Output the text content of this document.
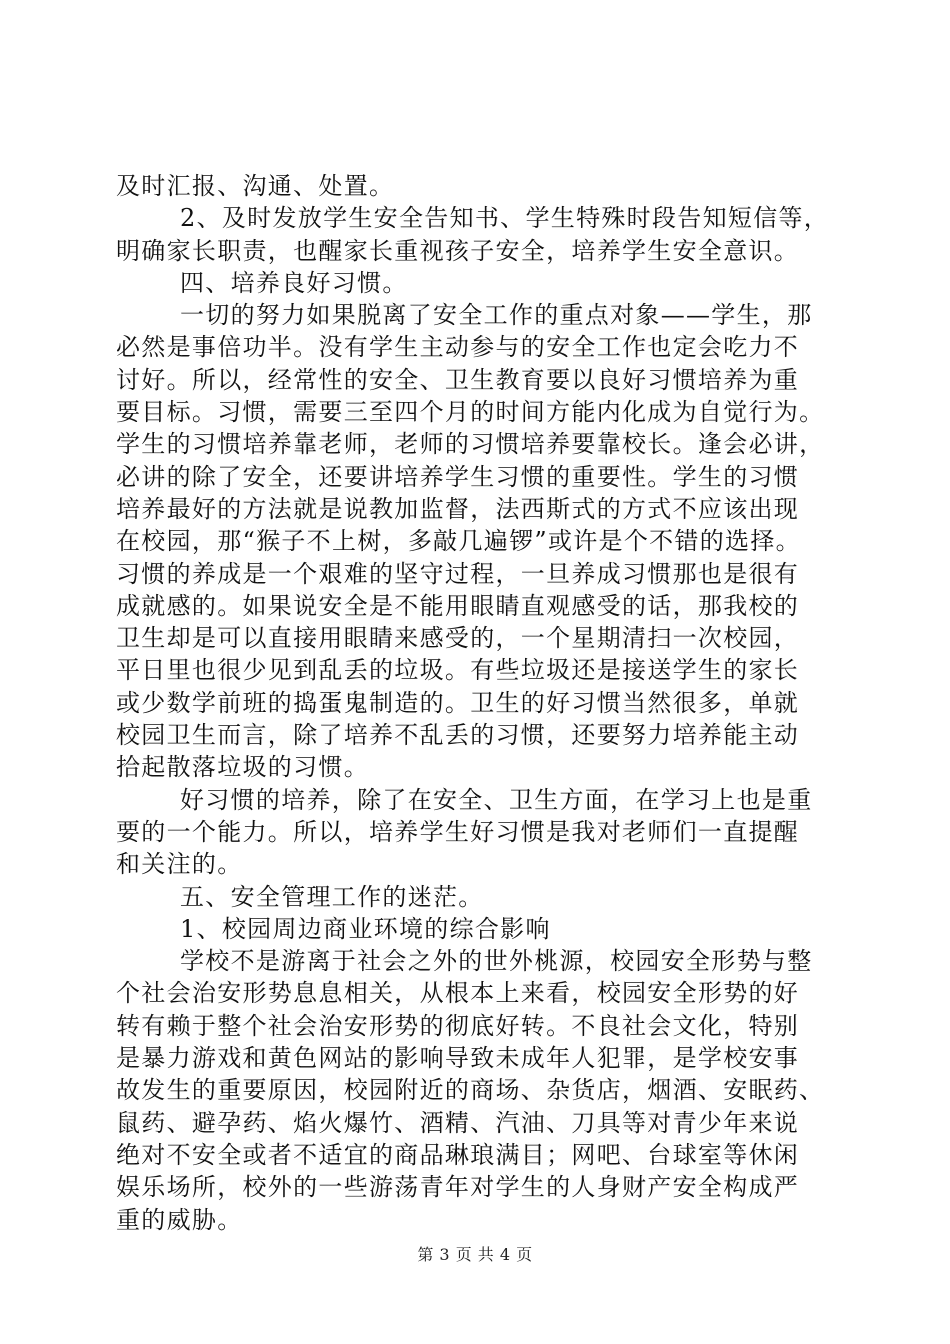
及时汇报、沟通、处置。
2、及时发放学生安全告知书、学生特殊时段告知短信等，
明确家长职责，也醒家长重视孩子安全，培养学生安全意识。
四、培养良好习惯。
一切的努力如果脱离了安全工作的重点对象——学生，那
必然是事倍功半。没有学生主动参与的安全工作也定会吃力不
讨好。所以，经常性的安全、卫生教育要以良好习惯培养为重
要目标。习惯，需要三至四个月的时间方能内化成为自觉行为。
学生的习惯培养靠老师，老师的习惯培养要靠校长。逢会必讲，
必讲的除了安全，还要讲培养学生习惯的重要性。学生的习惯
培养最好的方法就是说教加监督，法西斯式的方式不应该出现
在校园，那“猴子不上树，多敲几遍锣”或许是个不错的选择。
习惯的养成是一个艰难的坚守过程，一旦养成习惯那也是很有
成就感的。如果说安全是不能用眼睛直观感受的话，那我校的
卫生却是可以直接用眼睛来感受的，一个星期清扫一次校园，
平日里也很少见到乱丢的垃圾。有些垃圾还是接送学生的家长
或少数学前班的捣蛋鬼制造的。卫生的好习惯当然很多，单就
校园卫生而言，除了培养不乱丢的习惯，还要努力培养能主动
拾起散落垃圾的习惯。
好习惯的培养，除了在安全、卫生方面，在学习上也是重
要的一个能力。所以，培养学生好习惯是我对老师们一直提醒
和关注的。
五、安全管理工作的迷茫。
1、校园周边商业环境的综合影响
学校不是游离于社会之外的世外桃源，校园安全形势与整
个社会治安形势息息相关，从根本上来看，校园安全形势的好
转有赖于整个社会治安形势的彻底好转。不良社会文化，特别
是暴力游戏和黄色网站的影响导致未成年人犯罪，是学校安事
故发生的重要原因，校园附近的商场、杂货店，烟酒、安眠药、
鼠药、避孕药、焰火爆竹、酒精、汽油、刀具等对青少年来说
绝对不安全或者不适宜的商品琳琅满目；网吧、台球室等休闲
娱乐场所，校外的一些游荡青年对学生的人身财产安全构成严
重的威胁。
第 3 页 共 4 页
